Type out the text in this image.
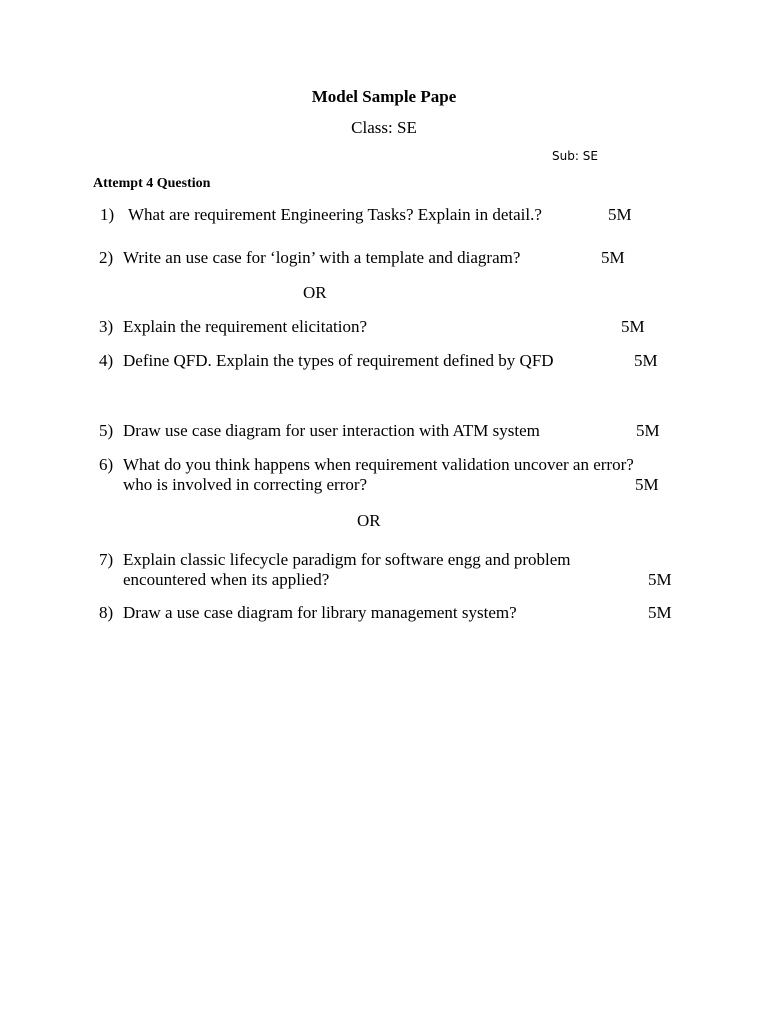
Model Sample Pape
Class: SE
Sub: SE
Attempt 4 Question
1) What are requirement Engineering Tasks? Explain in detail.?	5M
2) Write an use case for ‘login’ with a template and diagram?	5M
OR
3) Explain the requirement elicitation?	5M
4) Define QFD. Explain the types of requirement defined by QFD	5M
5) Draw use case diagram for user interaction with ATM system	5M
6) What do you think happens when requirement validation uncover an error?
who is involved in correcting error?	5M
OR
7) Explain classic lifecycle paradigm for software engg and problem
encountered when its applied?	5M
8) Draw a use case diagram for library management system?	5M
